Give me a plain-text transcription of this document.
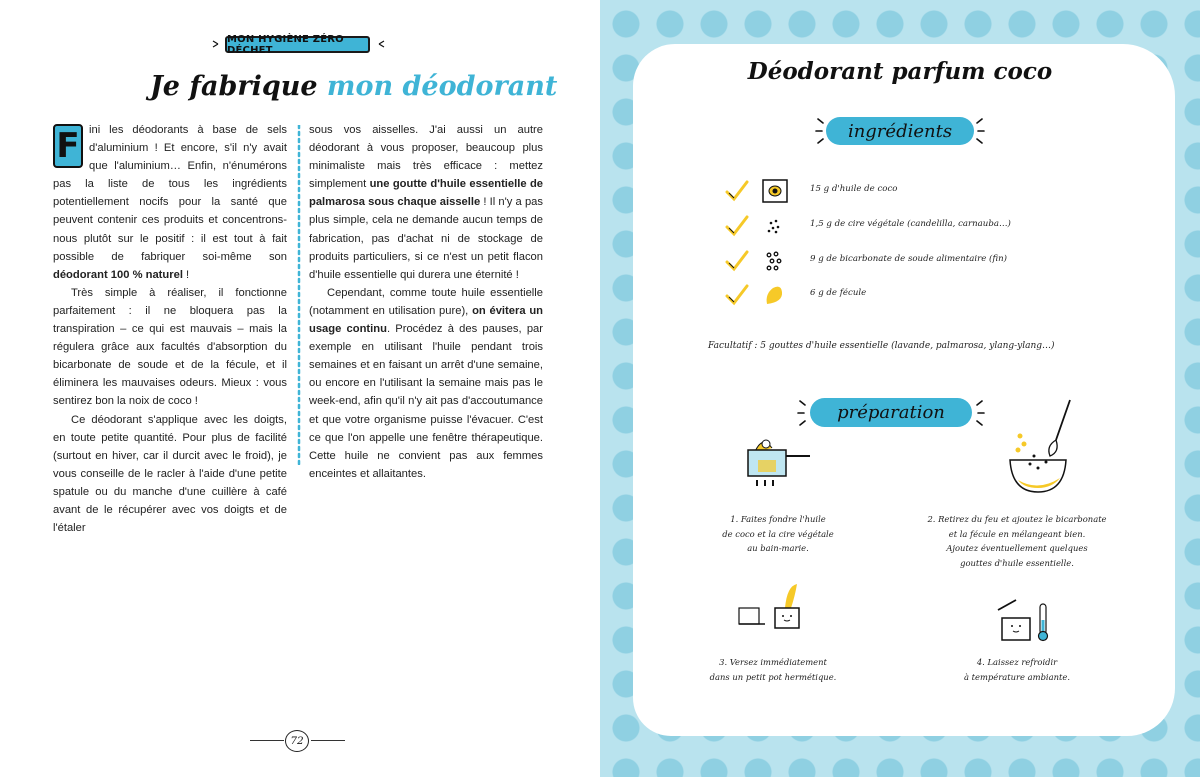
MON HYGIÈNE ZÉRO DÉCHET
Je fabrique mon déodorant

F ini les déodorants à base de sels d'aluminium ! Et encore, s'il n'y avait que l'aluminium… Enfin, n'énumérons pas la liste de tous les ingrédients potentiellement nocifs pour la santé que peuvent contenir ces produits et concentrons-nous plutôt sur le positif : il est tout à fait possible de fabriquer soi-même son déodorant 100 % naturel !

Très simple à réaliser, il fonctionne parfaitement : il ne bloquera pas la transpiration – ce qui est mauvais – mais la régulera grâce aux facultés d'absorption du bicarbonate de soude et de la fécule, et il éliminera les mauvaises odeurs. Mieux : vous sentirez bon la noix de coco !

Ce déodorant s'applique avec les doigts, en toute petite quantité. Pour plus de facilité (surtout en hiver, car il durcit avec le froid), je vous conseille de le racler à l'aide d'une petite spatule ou du manche d'une cuillère à café avant de le récupérer avec vos doigts et de l'étaler

sous vos aisselles. J'ai aussi un autre déodorant à vous proposer, beaucoup plus minimaliste mais très efficace : mettez simplement une goutte d'huile essentielle de palmarosa sous chaque aisselle ! Il n'y a pas plus simple, cela ne demande aucun temps de fabrication, pas d'achat ni de stockage de produits particuliers, si ce n'est un petit flacon d'huile essentielle qui durera une éternité !

Cependant, comme toute huile essentielle (notamment en utilisation pure), on évitera un usage continu. Procédez à des pauses, par exemple en utilisant l'huile pendant trois semaines et en faisant un arrêt d'une semaine, ou encore en l'utilisant la semaine mais pas le week-end, afin qu'il n'y ait pas d'accoutumance et que votre organisme puisse l'évacuer. C'est ce que l'on appelle une fenêtre thérapeutique. Cette huile ne convient pas aux femmes enceintes et allaitantes.

72
Déodorant parfum coco
ingrédients
15 g d'huile de coco
1,5 g de cire végétale (candelilla, carnauba…)
9 g de bicarbonate de soude alimentaire (fin)
6 g de fécule
Facultatif : 5 gouttes d'huile essentielle (lavande, palmarosa, ylang-ylang…)
préparation
1. Faites fondre l'huile
de coco et la cire végétale
au bain-marie.
2. Retirez du feu et ajoutez le bicarbonate
et la fécule en mélangeant bien.
Ajoutez éventuellement quelques
gouttes d'huile essentielle.
3. Versez immédiatement
dans un petit pot hermétique.
4. Laissez refroidir
à température ambiante.
